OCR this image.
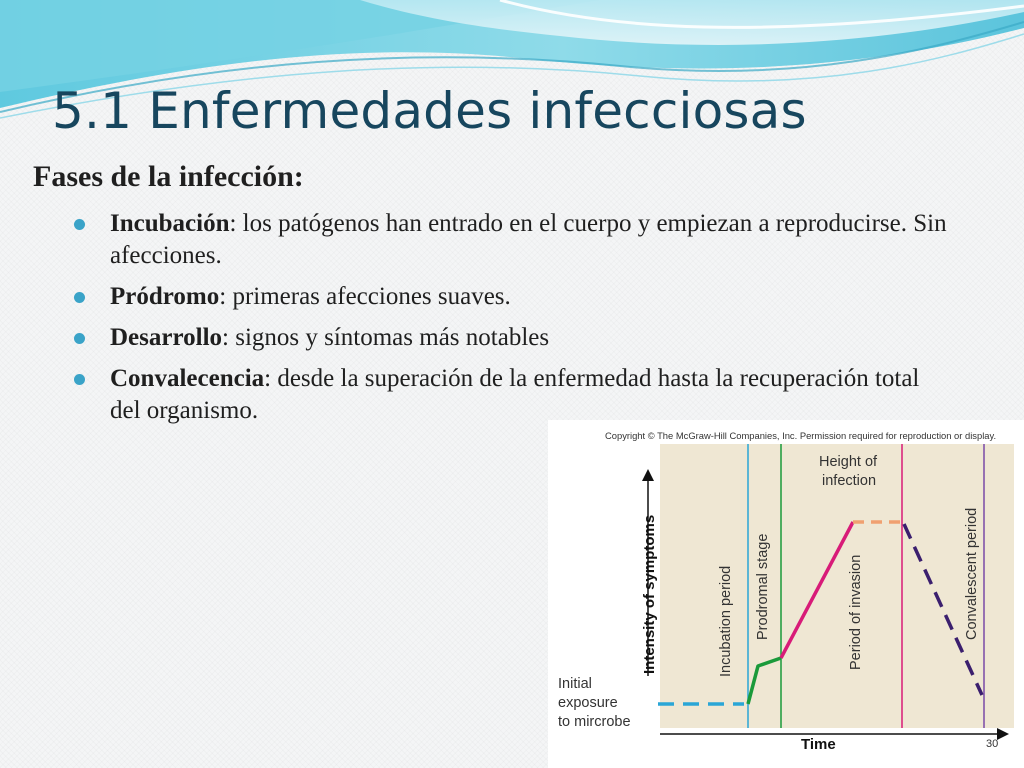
5.1 Enfermedades infecciosas
Fases de la infección:
Incubación: los patógenos han entrado en el cuerpo y empiezan a reproducirse. Sin afecciones.
Pródromo: primeras afecciones suaves.
Desarrollo: signos y síntomas más notables
Convalecencia: desde la superación de la enfermedad hasta la recuperación total del organismo.
Copyright © The McGraw-Hill Companies, Inc. Permission required for reproduction or display.
Incubation period Prodromal stage	Period of invasion	Convalescent period
Height of
infection
Intensity of symptoms
Time
Initial
exposure
to mircrobe
30
